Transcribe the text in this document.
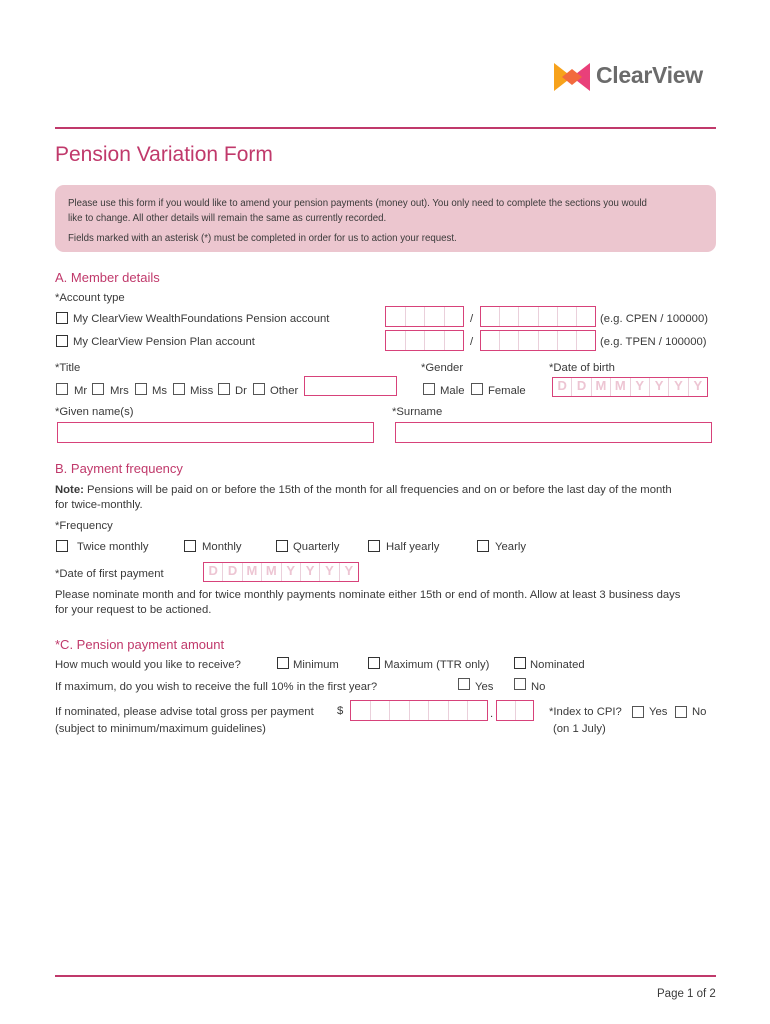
ClearView
Pension Variation Form
Please use this form if you would like to amend your pension payments (money out). You only need to complete the sections you would
like to change. All other details will remain the same as currently recorded.
Fields marked with an asterisk (*) must be completed in order for us to action your request.
A. Member details
*Account type
My ClearView WealthFoundations Pension account	/	(e.g. CPEN / 100000)
My ClearView Pension Plan account	/	(e.g. TPEN / 100000)
*Title	*Gender	*Date of birth
Mr Mrs Ms Miss Dr Other	Male Female	D D M M Y Y Y Y
*Given name(s)	*Surname
B. Payment frequency
Note: Pensions will be paid on or before the 15th of the month for all frequencies and on or before the last day of the month
for twice-monthly.
*Frequency
Twice monthly	Monthly	Quarterly	Half yearly	Yearly
*Date of first payment	D D M M Y Y Y Y
Please nominate month and for twice monthly payments nominate either 15th or end of month. Allow at least 3 business days
for your request to be actioned.
*C. Pension payment amount
How much would you like to receive?	Minimum	Maximum (TTR only)	Nominated
If maximum, do you wish to receive the full 10% in the first year?	Yes	No
If nominated, please advise total gross per payment
(subject to minimum/maximum guidelines)
$	.	*Index to CPI?
(on 1 July)
Yes No
Page 1 of 2
